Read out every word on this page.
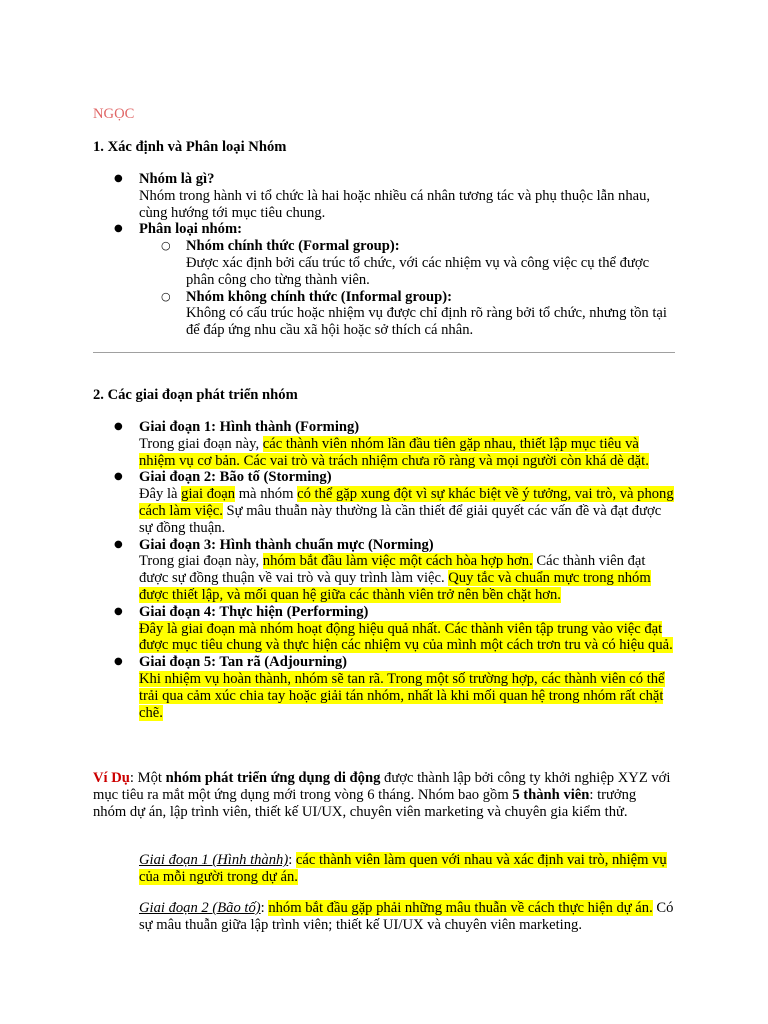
NGỌC
1. Xác định và Phân loại Nhóm
● Nhóm là gì?
Nhóm trong hành vi tổ chức là hai hoặc nhiều cá nhân tương tác và phụ thuộc lẫn nhau, cùng hướng tới mục tiêu chung.
● Phân loại nhóm:
○ Nhóm chính thức (Formal group):
Được xác định bởi cấu trúc tổ chức, với các nhiệm vụ và công việc cụ thể được phân công cho từng thành viên.
○ Nhóm không chính thức (Informal group):
Không có cấu trúc hoặc nhiệm vụ được chỉ định rõ ràng bởi tổ chức, nhưng tồn tại để đáp ứng nhu cầu xã hội hoặc sở thích cá nhân.
2. Các giai đoạn phát triển nhóm
● Giai đoạn 1: Hình thành (Forming)
Trong giai đoạn này, các thành viên nhóm lần đầu tiên gặp nhau, thiết lập mục tiêu và nhiệm vụ cơ bản. Các vai trò và trách nhiệm chưa rõ ràng và mọi người còn khá dè dặt.
● Giai đoạn 2: Bão tố (Storming)
Đây là giai đoạn mà nhóm có thể gặp xung đột vì sự khác biệt về ý tưởng, vai trò, và phong cách làm việc. Sự mâu thuẫn này thường là cần thiết để giải quyết các vấn đề và đạt được sự đồng thuận.
● Giai đoạn 3: Hình thành chuẩn mực (Norming)
Trong giai đoạn này, nhóm bắt đầu làm việc một cách hòa hợp hơn. Các thành viên đạt được sự đồng thuận về vai trò và quy trình làm việc. Quy tắc và chuẩn mực trong nhóm được thiết lập, và mối quan hệ giữa các thành viên trở nên bền chặt hơn.
● Giai đoạn 4: Thực hiện (Performing)
Đây là giai đoạn mà nhóm hoạt động hiệu quả nhất. Các thành viên tập trung vào việc đạt được mục tiêu chung và thực hiện các nhiệm vụ của mình một cách trơn tru và có hiệu quả.
● Giai đoạn 5: Tan rã (Adjourning)
Khi nhiệm vụ hoàn thành, nhóm sẽ tan rã. Trong một số trường hợp, các thành viên có thể trải qua cảm xúc chia tay hoặc giải tán nhóm, nhất là khi mối quan hệ trong nhóm rất chặt chẽ.
Ví Dụ: Một nhóm phát triển ứng dụng di động được thành lập bởi công ty khởi nghiệp XYZ với mục tiêu ra mắt một ứng dụng mới trong vòng 6 tháng. Nhóm bao gồm 5 thành viên: trưởng nhóm dự án, lập trình viên, thiết kế UI/UX, chuyên viên marketing và chuyên gia kiểm thử.
Giai đoạn 1 (Hình thành): các thành viên làm quen với nhau và xác định vai trò, nhiệm vụ của mỗi người trong dự án.
Giai đoạn 2 (Bão tố): nhóm bắt đầu gặp phải những mâu thuẫn về cách thực hiện dự án. Có sự mâu thuẫn giữa lập trình viên; thiết kế UI/UX và chuyên viên marketing.
